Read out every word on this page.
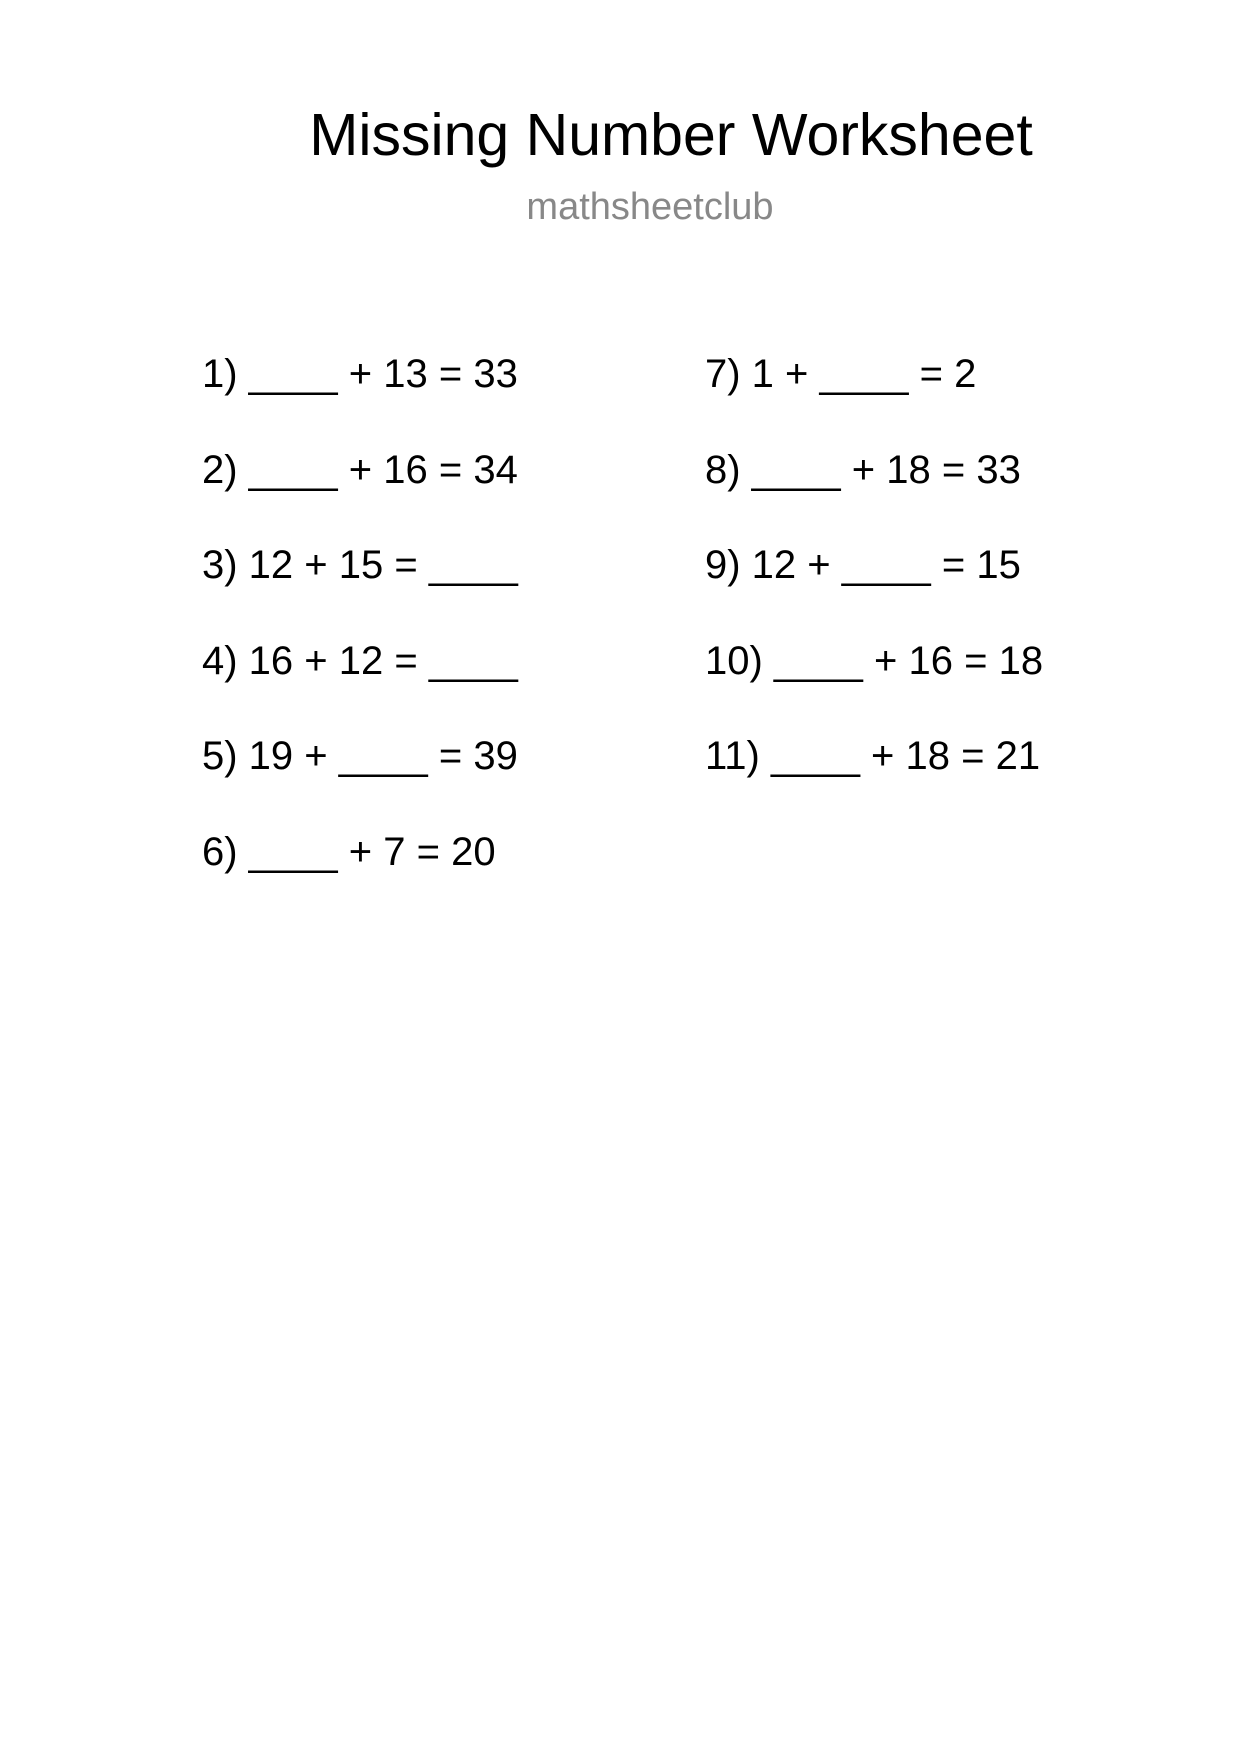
Missing Number Worksheet
mathsheetclub
1) ____ + 13 = 33
2) ____ + 16 = 34
3) 12 + 15 = ____
4) 16 + 12 = ____
5) 19 + ____ = 39
6) ____ + 7 = 20
7) 1 + ____ = 2
8) ____ + 18 = 33
9) 12 + ____ = 15
10) ____ + 16 = 18
11) ____ + 18 = 21
